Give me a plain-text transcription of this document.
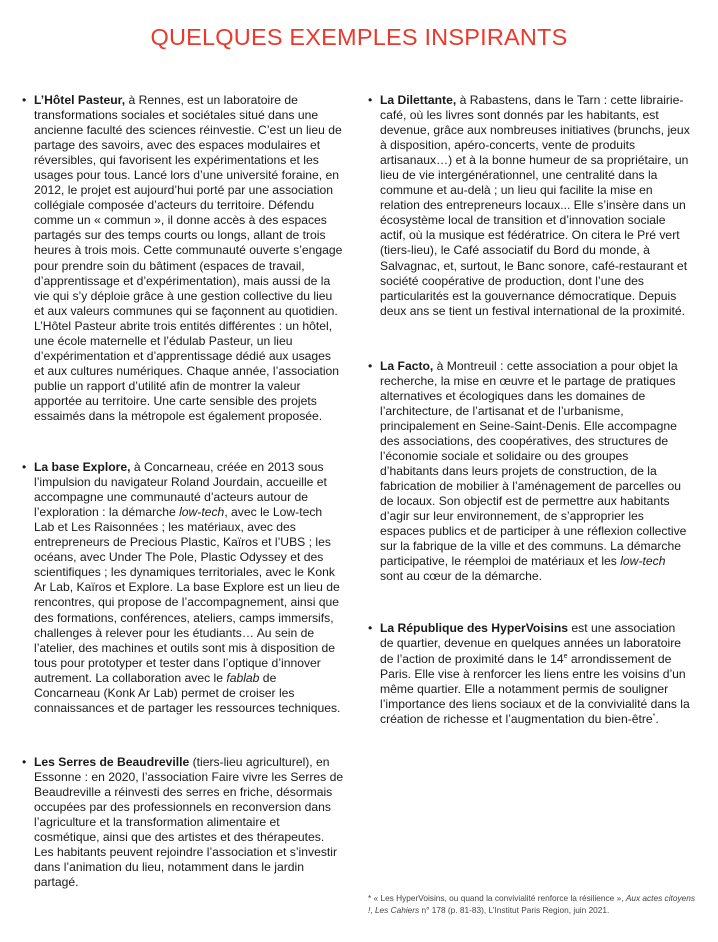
QUELQUES EXEMPLES INSPIRANTS
• L’Hôtel Pasteur, à Rennes, est un laboratoire de transformations sociales et sociétales situé dans une ancienne faculté des sciences réinvestie. C’est un lieu de partage des savoirs, avec des espaces modulaires et réversibles, qui favorisent les expérimentations et les usages pour tous. Lancé lors d’une université foraine, en 2012, le projet est aujourd’hui porté par une association collégiale composée d’acteurs du territoire. Défendu comme un « commun », il donne accès à des espaces partagés sur des temps courts ou longs, allant de trois heures à trois mois. Cette communauté ouverte s’engage pour prendre soin du bâtiment (espaces de travail, d’apprentissage et d’expérimentation), mais aussi de la vie qui s’y déploie grâce à une gestion collective du lieu et aux valeurs communes qui se façonnent au quotidien. L’Hôtel Pasteur abrite trois entités différentes : un hôtel, une école maternelle et l’édulab Pasteur, un lieu d’expérimentation et d’apprentissage dédié aux usages et aux cultures numériques. Chaque année, l’association publie un rapport d’utilité afin de montrer la valeur apportée au territoire. Une carte sensible des projets essaimés dans la métropole est également proposée.

• La base Explore, à Concarneau, créée en 2013 sous l’impulsion du navigateur Roland Jourdain, accueille et accompagne une communauté d’acteurs autour de l’exploration : la démarche low-tech, avec le Low-tech Lab et Les Raisonnées ; les matériaux, avec des entrepreneurs de Precious Plastic, Kaïros et l’UBS ; les océans, avec Under The Pole, Plastic Odyssey et des scientifiques ; les dynamiques territoriales, avec le Konk Ar Lab, Kaïros et Explore. La base Explore est un lieu de rencontres, qui propose de l’accompagnement, ainsi que des formations, conférences, ateliers, camps immersifs, challenges à relever pour les étudiants… Au sein de l’atelier, des machines et outils sont mis à disposition de tous pour prototyper et tester dans l’optique d’innover autrement. La collaboration avec le fablab de Concarneau (Konk Ar Lab) permet de croiser les connaissances et de partager les ressources techniques.

• Les Serres de Beaudreville (tiers-lieu agriculturel), en Essonne : en 2020, l’association Faire vivre les Serres de Beaudreville a réinvesti des serres en friche, désormais occupées par des professionnels en reconversion dans l’agriculture et la transformation alimentaire et cosmétique, ainsi que des artistes et des thérapeutes. Les habitants peuvent rejoindre l’association et s’investir dans l’animation du lieu, notamment dans le jardin partagé.

• La Dilettante, à Rabastens, dans le Tarn : cette librairie-café, où les livres sont donnés par les habitants, est devenue, grâce aux nombreuses initiatives (brunchs, jeux à disposition, apéro-concerts, vente de produits artisanaux…) et à la bonne humeur de sa propriétaire, un lieu de vie intergénérationnel, une centralité dans la commune et au-delà ; un lieu qui facilite la mise en relation des entrepreneurs locaux... Elle s’insère dans un écosystème local de transition et d’innovation sociale actif, où la musique est fédératrice. On citera le Pré vert (tiers-lieu), le Café associatif du Bord du monde, à Salvagnac, et, surtout, le Banc sonore, café-restaurant et société coopérative de production, dont l’une des particularités est la gouvernance démocratique. Depuis deux ans se tient un festival international de la proximité.

• La Facto, à Montreuil : cette association a pour objet la recherche, la mise en œuvre et le partage de pratiques alternatives et écologiques dans les domaines de l’architecture, de l’artisanat et de l’urbanisme, principalement en Seine-Saint-Denis. Elle accompagne des associations, des coopératives, des structures de l’économie sociale et solidaire ou des groupes d’habitants dans leurs projets de construction, de la fabrication de mobilier à l’aménagement de parcelles ou de locaux. Son objectif est de permettre aux habitants d’agir sur leur environnement, de s’approprier les espaces publics et de participer à une réflexion collective sur la fabrique de la ville et des communs. La démarche participative, le réemploi de matériaux et les low-tech sont au cœur de la démarche.

• La République des HyperVoisins est une association de quartier, devenue en quelques années un laboratoire de l’action de proximité dans le 14e arrondissement de Paris. Elle vise à renforcer les liens entre les voisins d’un même quartier. Elle a notamment permis de souligner l’importance des liens sociaux et de la convivialité dans la création de richesse et l’augmentation du bien-être*.

* « Les HyperVoisins, ou quand la convivialité renforce la résilience », Aux actes citoyens !, Les Cahiers n° 178 (p. 81-83), L’Institut Paris Region, juin 2021.
